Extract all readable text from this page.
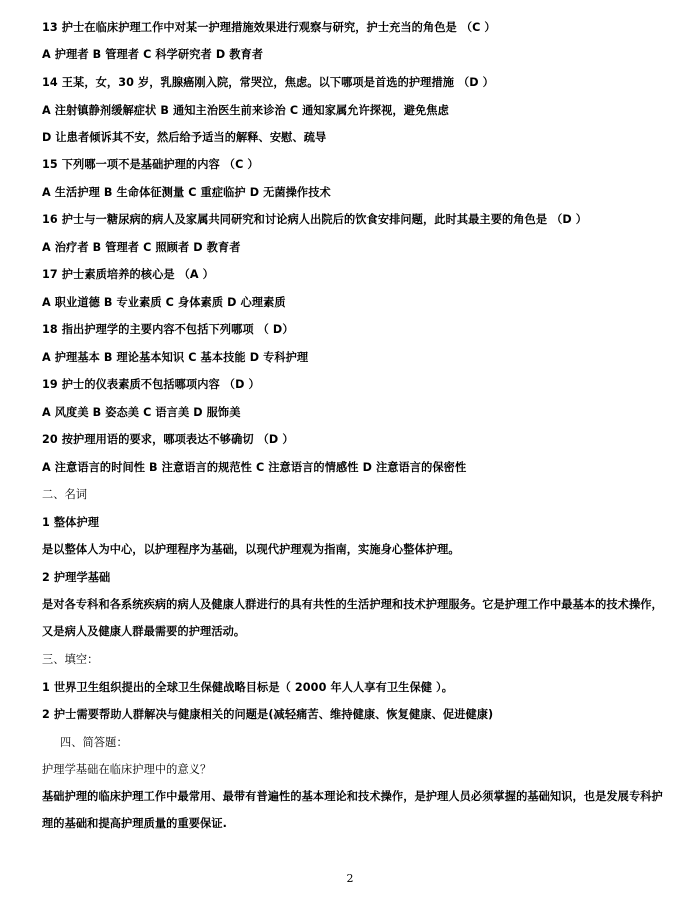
13 护士在临床护理工作中对某一护理措施效果进行观察与研究，护士充当的角色是 （C ）
A 护理者 B 管理者 C 科学研究者 D 教育者
14 王某，女，30 岁，乳腺癌刚入院，常哭泣，焦虑。以下哪项是首选的护理措施 （D ）
A 注射镇静剂缓解症状 B 通知主治医生前来诊治 C 通知家属允许探视，避免焦虑
D 让患者倾诉其不安，然后给予适当的解释、安慰、疏导
15 下列哪一项不是基础护理的内容 （C ）
A 生活护理 B 生命体征测量 C 重症临护 D 无菌操作技术
16 护士与一糖尿病的病人及家属共同研究和讨论病人出院后的饮食安排问题，此时其最主要的角色是 （D ）
A 治疗者 B 管理者 C 照顾者 D 教育者
17 护士素质培养的核心是 （A ）
A 职业道德 B 专业素质 C 身体素质 D 心理素质
18 指出护理学的主要内容不包括下列哪项 （ D）
A 护理基本 B 理论基本知识 C 基本技能 D 专科护理
19 护士的仪表素质不包括哪项内容 （D ）
A 风度美 B 姿态美 C 语言美 D 服饰美
20 按护理用语的要求，哪项表达不够确切 （D ）
A 注意语言的时间性 B 注意语言的规范性 C 注意语言的情感性 D 注意语言的保密性
二、名词
1 整体护理
是以整体人为中心，以护理程序为基础，以现代护理观为指南，实施身心整体护理。
2 护理学基础
是对各专科和各系统疾病的病人及健康人群进行的具有共性的生活护理和技术护理服务。它是护理工作中最基本的技术操作，又是病人及健康人群最需要的护理活动。
三、填空：
1 世界卫生组织提出的全球卫生保健战略目标是（ 2000 年人人享有卫生保健 ）。
2 护士需要帮助人群解决与健康相关的问题是(减轻痛苦、维持健康、恢复健康、促进健康)
四、简答题：
护理学基础在临床护理中的意义？
基础护理的临床护理工作中最常用、最带有普遍性的基本理论和技术操作，是护理人员必须掌握的基础知识，也是发展专科护理的基础和提高护理质量的重要保证.
2
